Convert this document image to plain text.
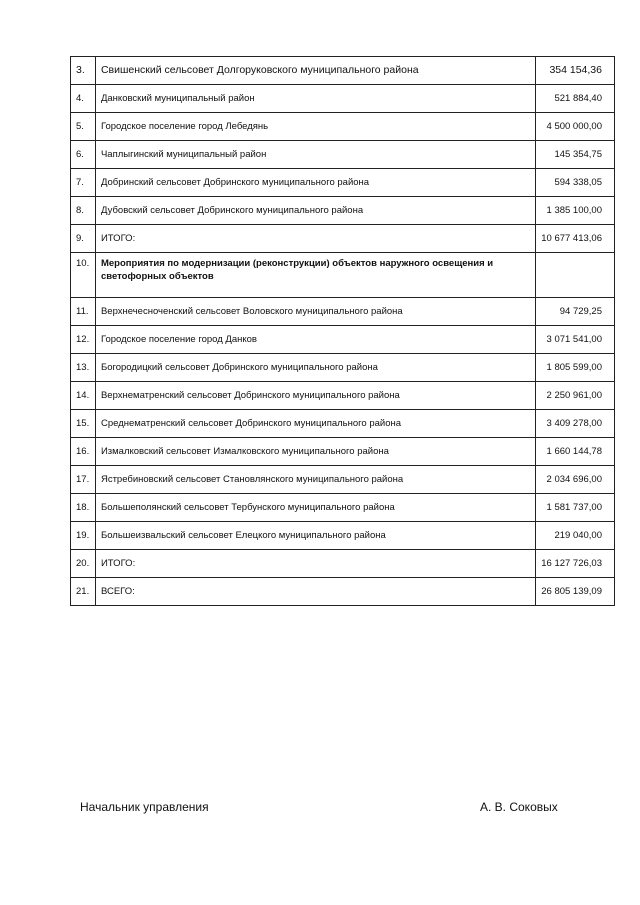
3.	Свишенский сельсовет Долгоруковского муниципального района	354 154,36
4.	Данковский муниципальный район	521 884,40
5.	Городское поселение город Лебедянь	4 500 000,00
6.	Чаплыгинский муниципальный район	145 354,75
7.	Добринский сельсовет Добринского муниципального района	594 338,05
8.	Дубовский сельсовет Добринского муниципального района	1 385 100,00
9.	ИТОГО:	10 677 413,06
10.	Мероприятия по модернизации (реконструкции) объектов наружного освещения и светофорных объектов	
11.	Верхнечесноченский сельсовет Воловского муниципального района	94 729,25
12.	Городское поселение город Данков	3 071 541,00
13.	Богородицкий сельсовет Добринского муниципального района	1 805 599,00
14.	Верхнематренский сельсовет Добринского муниципального района	2 250 961,00
15.	Среднематренский сельсовет Добринского муниципального района	3 409 278,00
16.	Измалковский сельсовет Измалковского муниципального района	1 660 144,78
17.	Ястребиновский сельсовет Становлянского муниципального района	2 034 696,00
18.	Большеполянский сельсовет Тербунского муниципального района	1 581 737,00
19.	Большеизвальский сельсовет Елецкого муниципального района	219 040,00
20.	ИТОГО:	16 127 726,03
21.	ВСЕГО:	26 805 139,09
Начальник управления	А. В. Соковых
